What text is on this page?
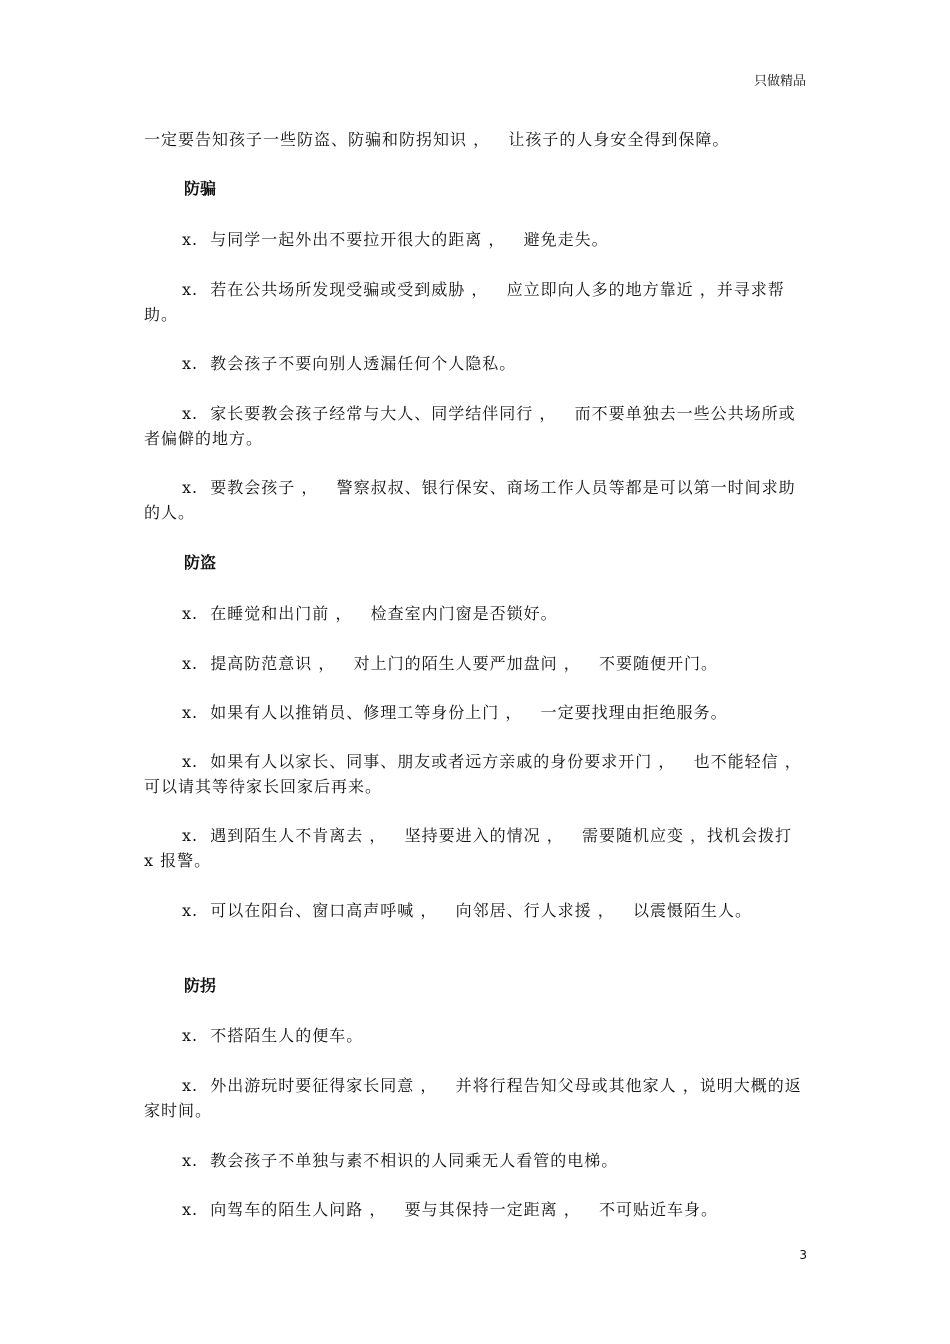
只做精品

一定要告知孩子一些防盗、防骗和防拐知识 ，   让孩子的人身安全得到保障。

防骗

x.  与同学一起外出不要拉开很大的距离 ，   避免走失。

x.  若在公共场所发现受骗或受到威胁 ，   应立即向人多的地方靠近 ，并寻求帮助。

x.  教会孩子不要向别人透漏任何个人隐私。

x.  家长要教会孩子经常与大人、同学结伴同行 ，   而不要单独去一些公共场所或者偏僻的地方。

x.  要教会孩子 ，   警察叔叔、银行保安、商场工作人员等都是可以第一时间求助的人。

防盗

x.  在睡觉和出门前 ，   检查室内门窗是否锁好。

x.  提高防范意识 ，   对上门的陌生人要严加盘问 ，   不要随便开门。

x.  如果有人以推销员、修理工等身份上门 ，   一定要找理由拒绝服务。

x.  如果有人以家长、同事、朋友或者远方亲戚的身份要求开门 ，   也不能轻信 ，   可以请其等待家长回家后再来。

x.  遇到陌生人不肯离去 ，   坚持要进入的情况 ，   需要随机应变 ，找机会拨打 x 报警。

x.  可以在阳台、窗口高声呼喊 ，   向邻居、行人求援 ，   以震慑陌生人。

防拐

x.  不搭陌生人的便车。

x.  外出游玩时要征得家长同意 ，   并将行程告知父母或其他家人 ，说明大概的返家时间。

x.  教会孩子不单独与素不相识的人同乘无人看管的电梯。

x.  向驾车的陌生人问路 ，   要与其保持一定距离 ，   不可贴近车身。

3
